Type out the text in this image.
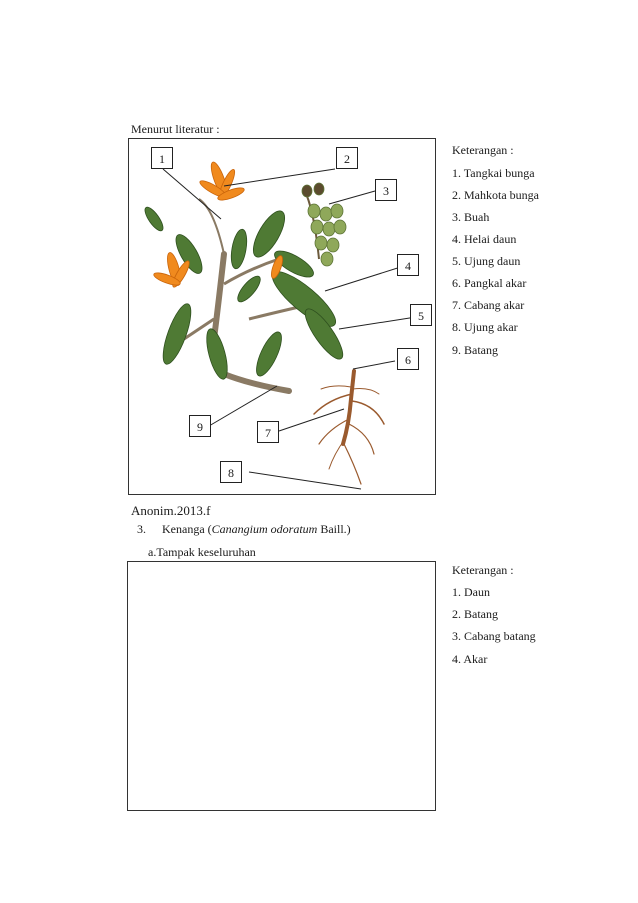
Menurut literatur :
1	2
3
4
5
6
7
8
9
Keterangan :
1. Tangkai bunga
2. Mahkota bunga
3. Buah
4. Helai daun
5. Ujung daun
6. Pangkal akar
7. Cabang akar
8. Ujung akar
9. Batang
Anonim.2013.f
3. Kenanga (Canangium odoratum Baill.)
a.Tampak keseluruhan
Keterangan :
1. Daun
2. Batang
3. Cabang batang
4. Akar
